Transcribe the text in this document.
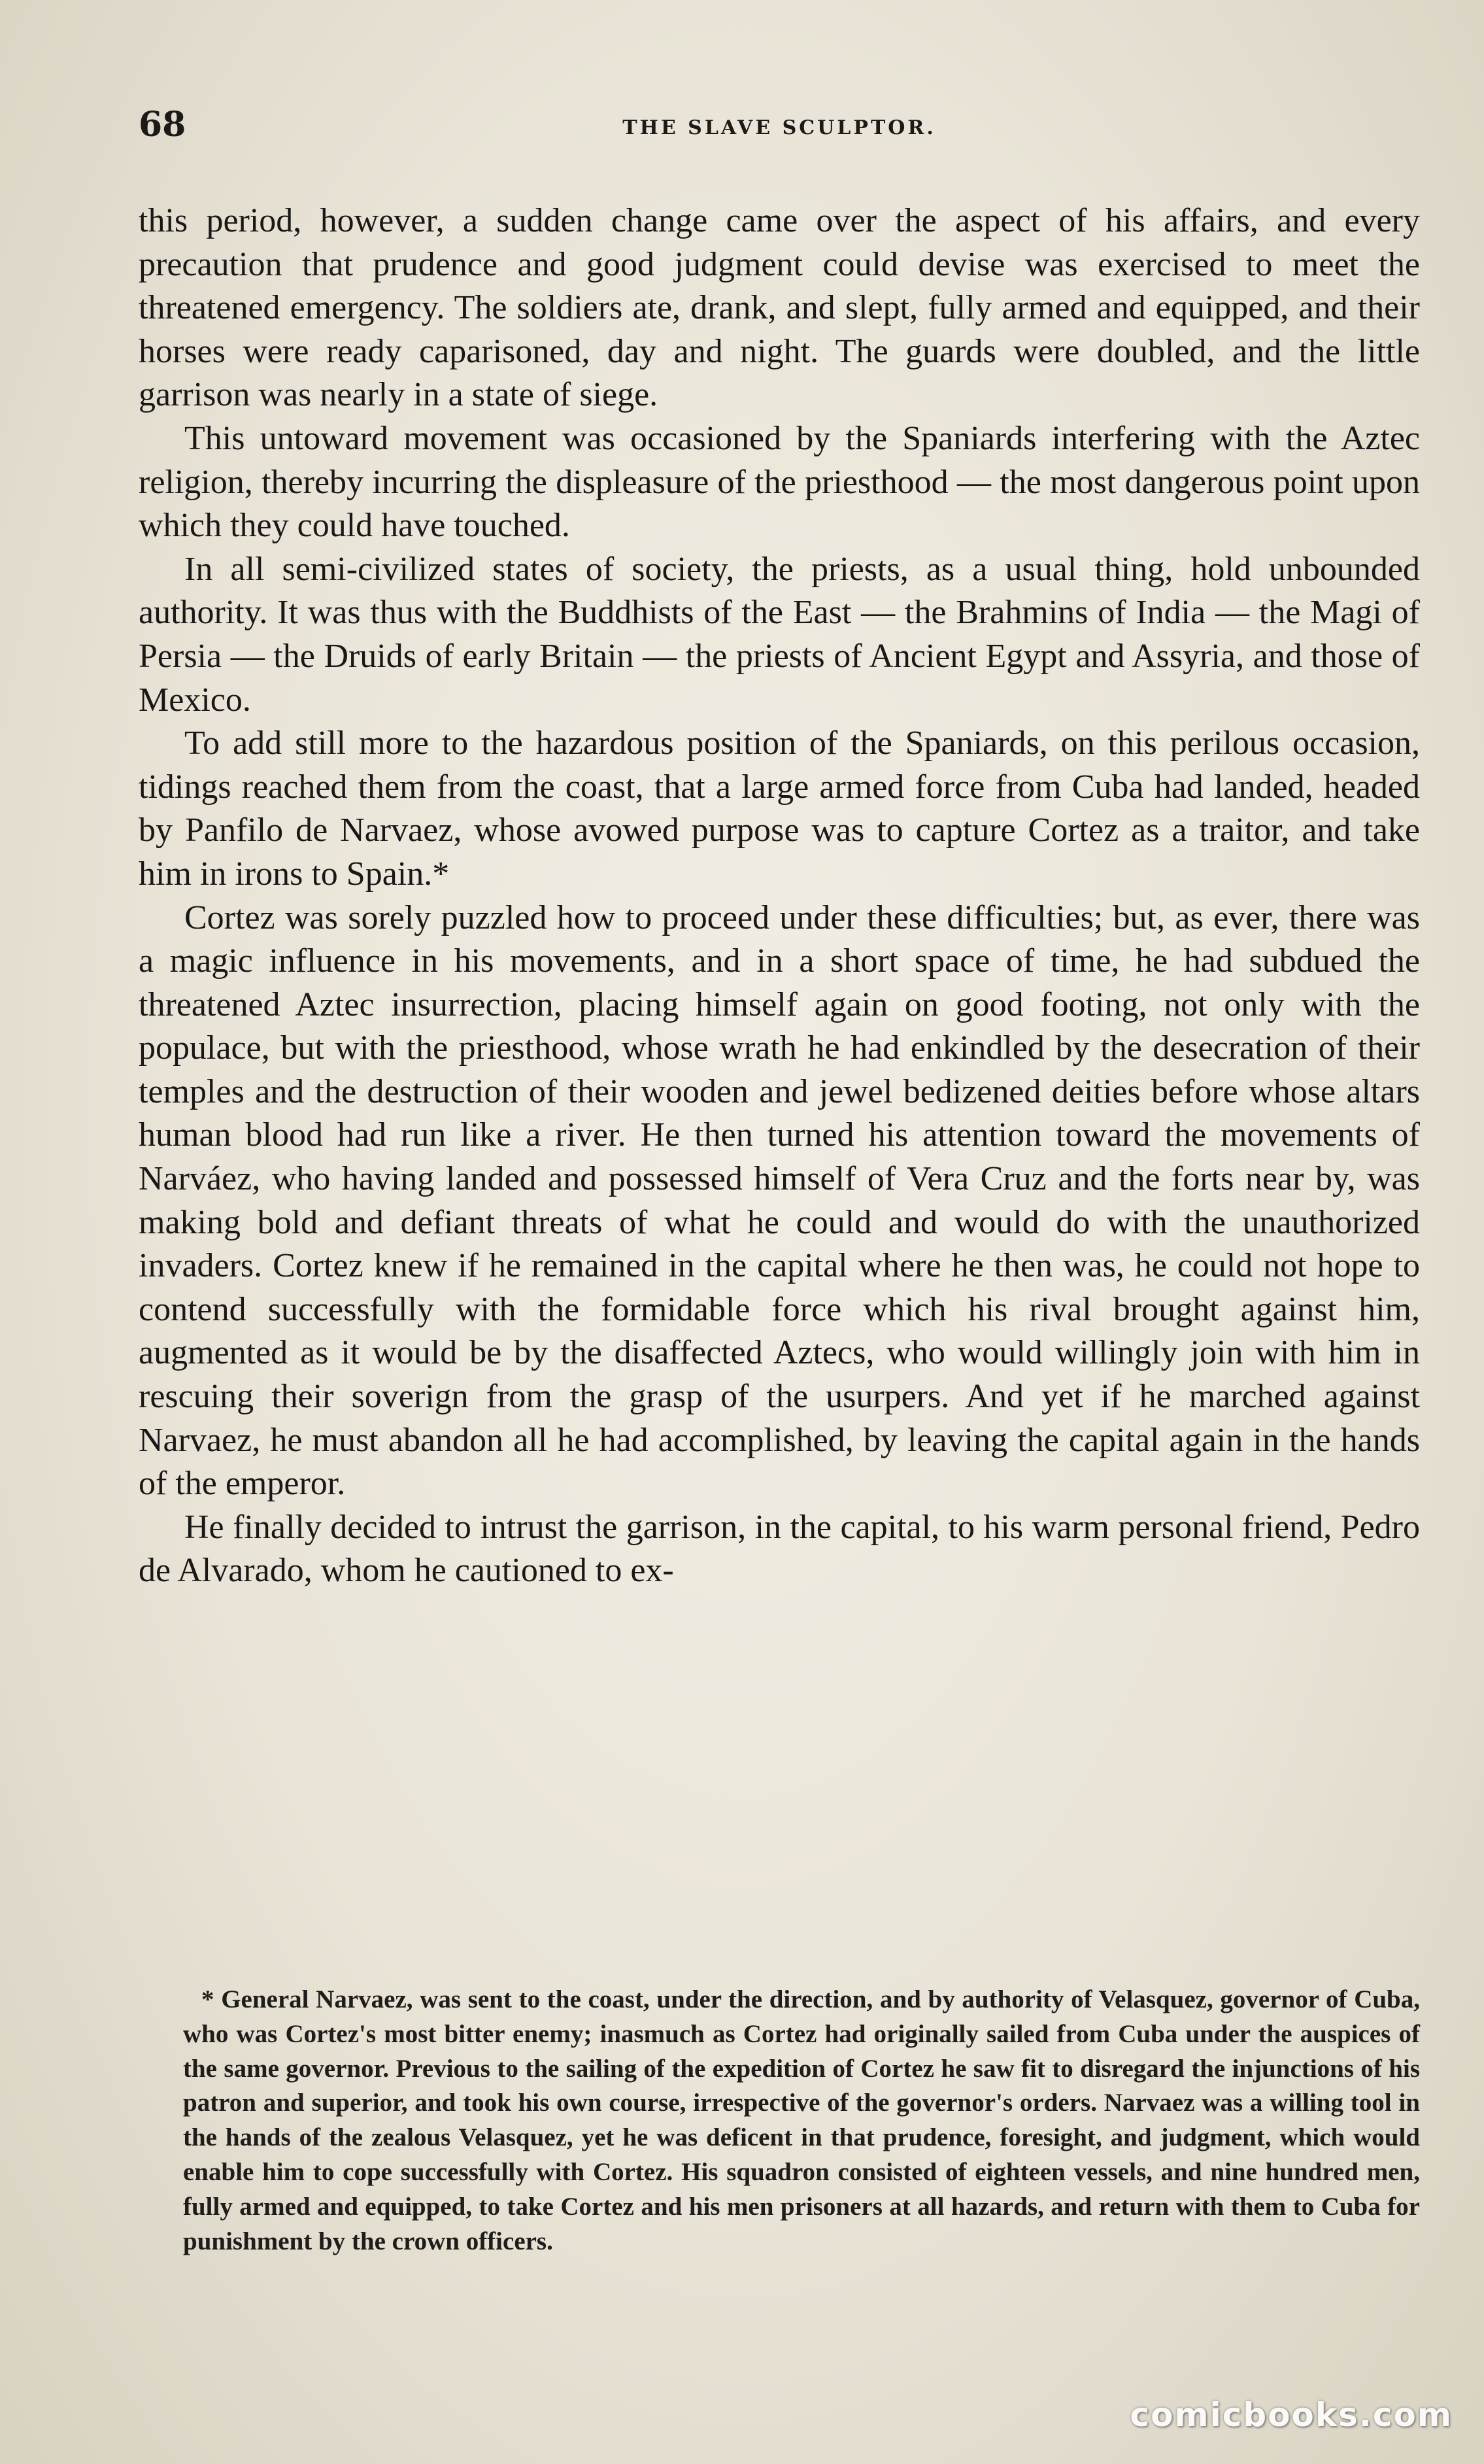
68	THE SLAVE SCULPTOR.

this period, however, a sudden change came over the aspect of his affairs, and every precaution that prudence and good judgment could devise was exercised to meet the threatened emergency. The soldiers ate, drank, and slept, fully armed and equipped, and their horses were ready caparisoned, day and night. The guards were doubled, and the little garrison was nearly in a state of siege.

This untoward movement was occasioned by the Spaniards interfering with the Aztec religion, thereby incurring the displeasure of the priesthood — the most dangerous point upon which they could have touched.

In all semi-civilized states of society, the priests, as a usual thing, hold unbounded authority. It was thus with the Buddhists of the East — the Brahmins of India — the Magi of Persia — the Druids of early Britain — the priests of Ancient Egypt and Assyria, and those of Mexico.

To add still more to the hazardous position of the Spaniards, on this perilous occasion, tidings reached them from the coast, that a large armed force from Cuba had landed, headed by Panfilo de Narvaez, whose avowed purpose was to capture Cortez as a traitor, and take him in irons to Spain.*

Cortez was sorely puzzled how to proceed under these difficulties; but, as ever, there was a magic influence in his movements, and in a short space of time, he had subdued the threatened Aztec insurrection, placing himself again on good footing, not only with the populace, but with the priesthood, whose wrath he had enkindled by the desecration of their temples and the destruction of their wooden and jewel bedizened deities before whose altars human blood had run like a river. He then turned his attention toward the movements of Narváez, who having landed and possessed himself of Vera Cruz and the forts near by, was making bold and defiant threats of what he could and would do with the unauthorized invaders. Cortez knew if he remained in the capital where he then was, he could not hope to contend successfully with the formidable force which his rival brought against him, augmented as it would be by the disaffected Aztecs, who would willingly join with him in rescuing their soverign from the grasp of the usurpers. And yet if he marched against Narvaez, he must abandon all he had accomplished, by leaving the capital again in the hands of the emperor.

He finally decided to intrust the garrison, in the capital, to his warm personal friend, Pedro de Alvarado, whom he cautioned to ex-

* General Narvaez, was sent to the coast, under the direction, and by authority of Velasquez, governor of Cuba, who was Cortez's most bitter enemy; inasmuch as Cortez had originally sailed from Cuba under the auspices of the same governor. Previous to the sailing of the expedition of Cortez he saw fit to disregard the injunctions of his patron and superior, and took his own course, irrespective of the governor's orders. Narvaez was a willing tool in the hands of the zealous Velasquez, yet he was deficent in that prudence, foresight, and judgment, which would enable him to cope successfully with Cortez. His squadron consisted of eighteen vessels, and nine hundred men, fully armed and equipped, to take Cortez and his men prisoners at all hazards, and return with them to Cuba for punishment by the crown officers.
comicbooks.com
